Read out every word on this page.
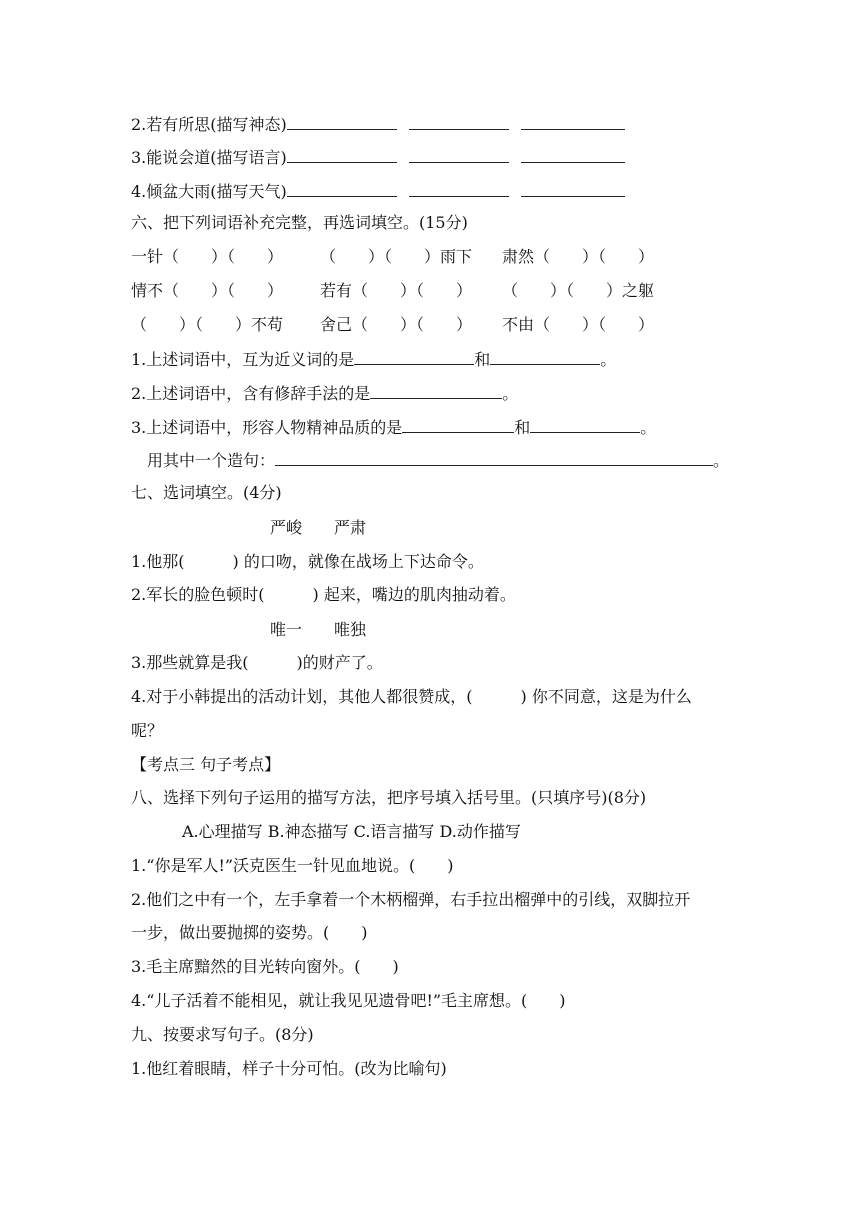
2.若有所思(描写神态)
3.能说会道(描写语言)
4.倾盆大雨(描写天气)
六、把下列词语补充完整，再选词填空。(15分)
一针（　　）（　　） （　　）（　　）雨下 肃然（　　）（　　）
情不（　　）（　　） 若有（　　）（　　） （　　）（　　）之躯
（　　）（　　）不苟 舍己（　　）（　　） 不由（　　）（　　）
1.上述词语中，互为近义词的是	和	。
2.上述词语中，含有修辞手法的是	。
3.上述词语中，形容人物精神品质的是	和	。
用其中一个造句：	。
七、选词填空。(4分)
严峻　　严肃
1.他那(　　　) 的口吻，就像在战场上下达命令。
2.军长的脸色顿时(　　　) 起来，嘴边的肌肉抽动着。
唯一　　唯独
3.那些就算是我(　　　)的财产了。
4.对于小韩提出的活动计划，其他人都很赞成，(　　　) 你不同意，这是为什么
呢？
【考点三 句子考点】
八、选择下列句子运用的描写方法，把序号填入括号里。(只填序号)(8分)
A.心理描写 B.神态描写 C.语言描写 D.动作描写
1.“你是军人!”沃克医生一针见血地说。(　　)
2.他们之中有一个，左手拿着一个木柄榴弹，右手拉出榴弹中的引线，双脚拉开
一步，做出要抛掷的姿势。(　　)
3.毛主席黯然的目光转向窗外。(　　)
4.“儿子活着不能相见，就让我见见遗骨吧!”毛主席想。(　　)
九、按要求写句子。(8分)
1.他红着眼睛，样子十分可怕。(改为比喻句)
